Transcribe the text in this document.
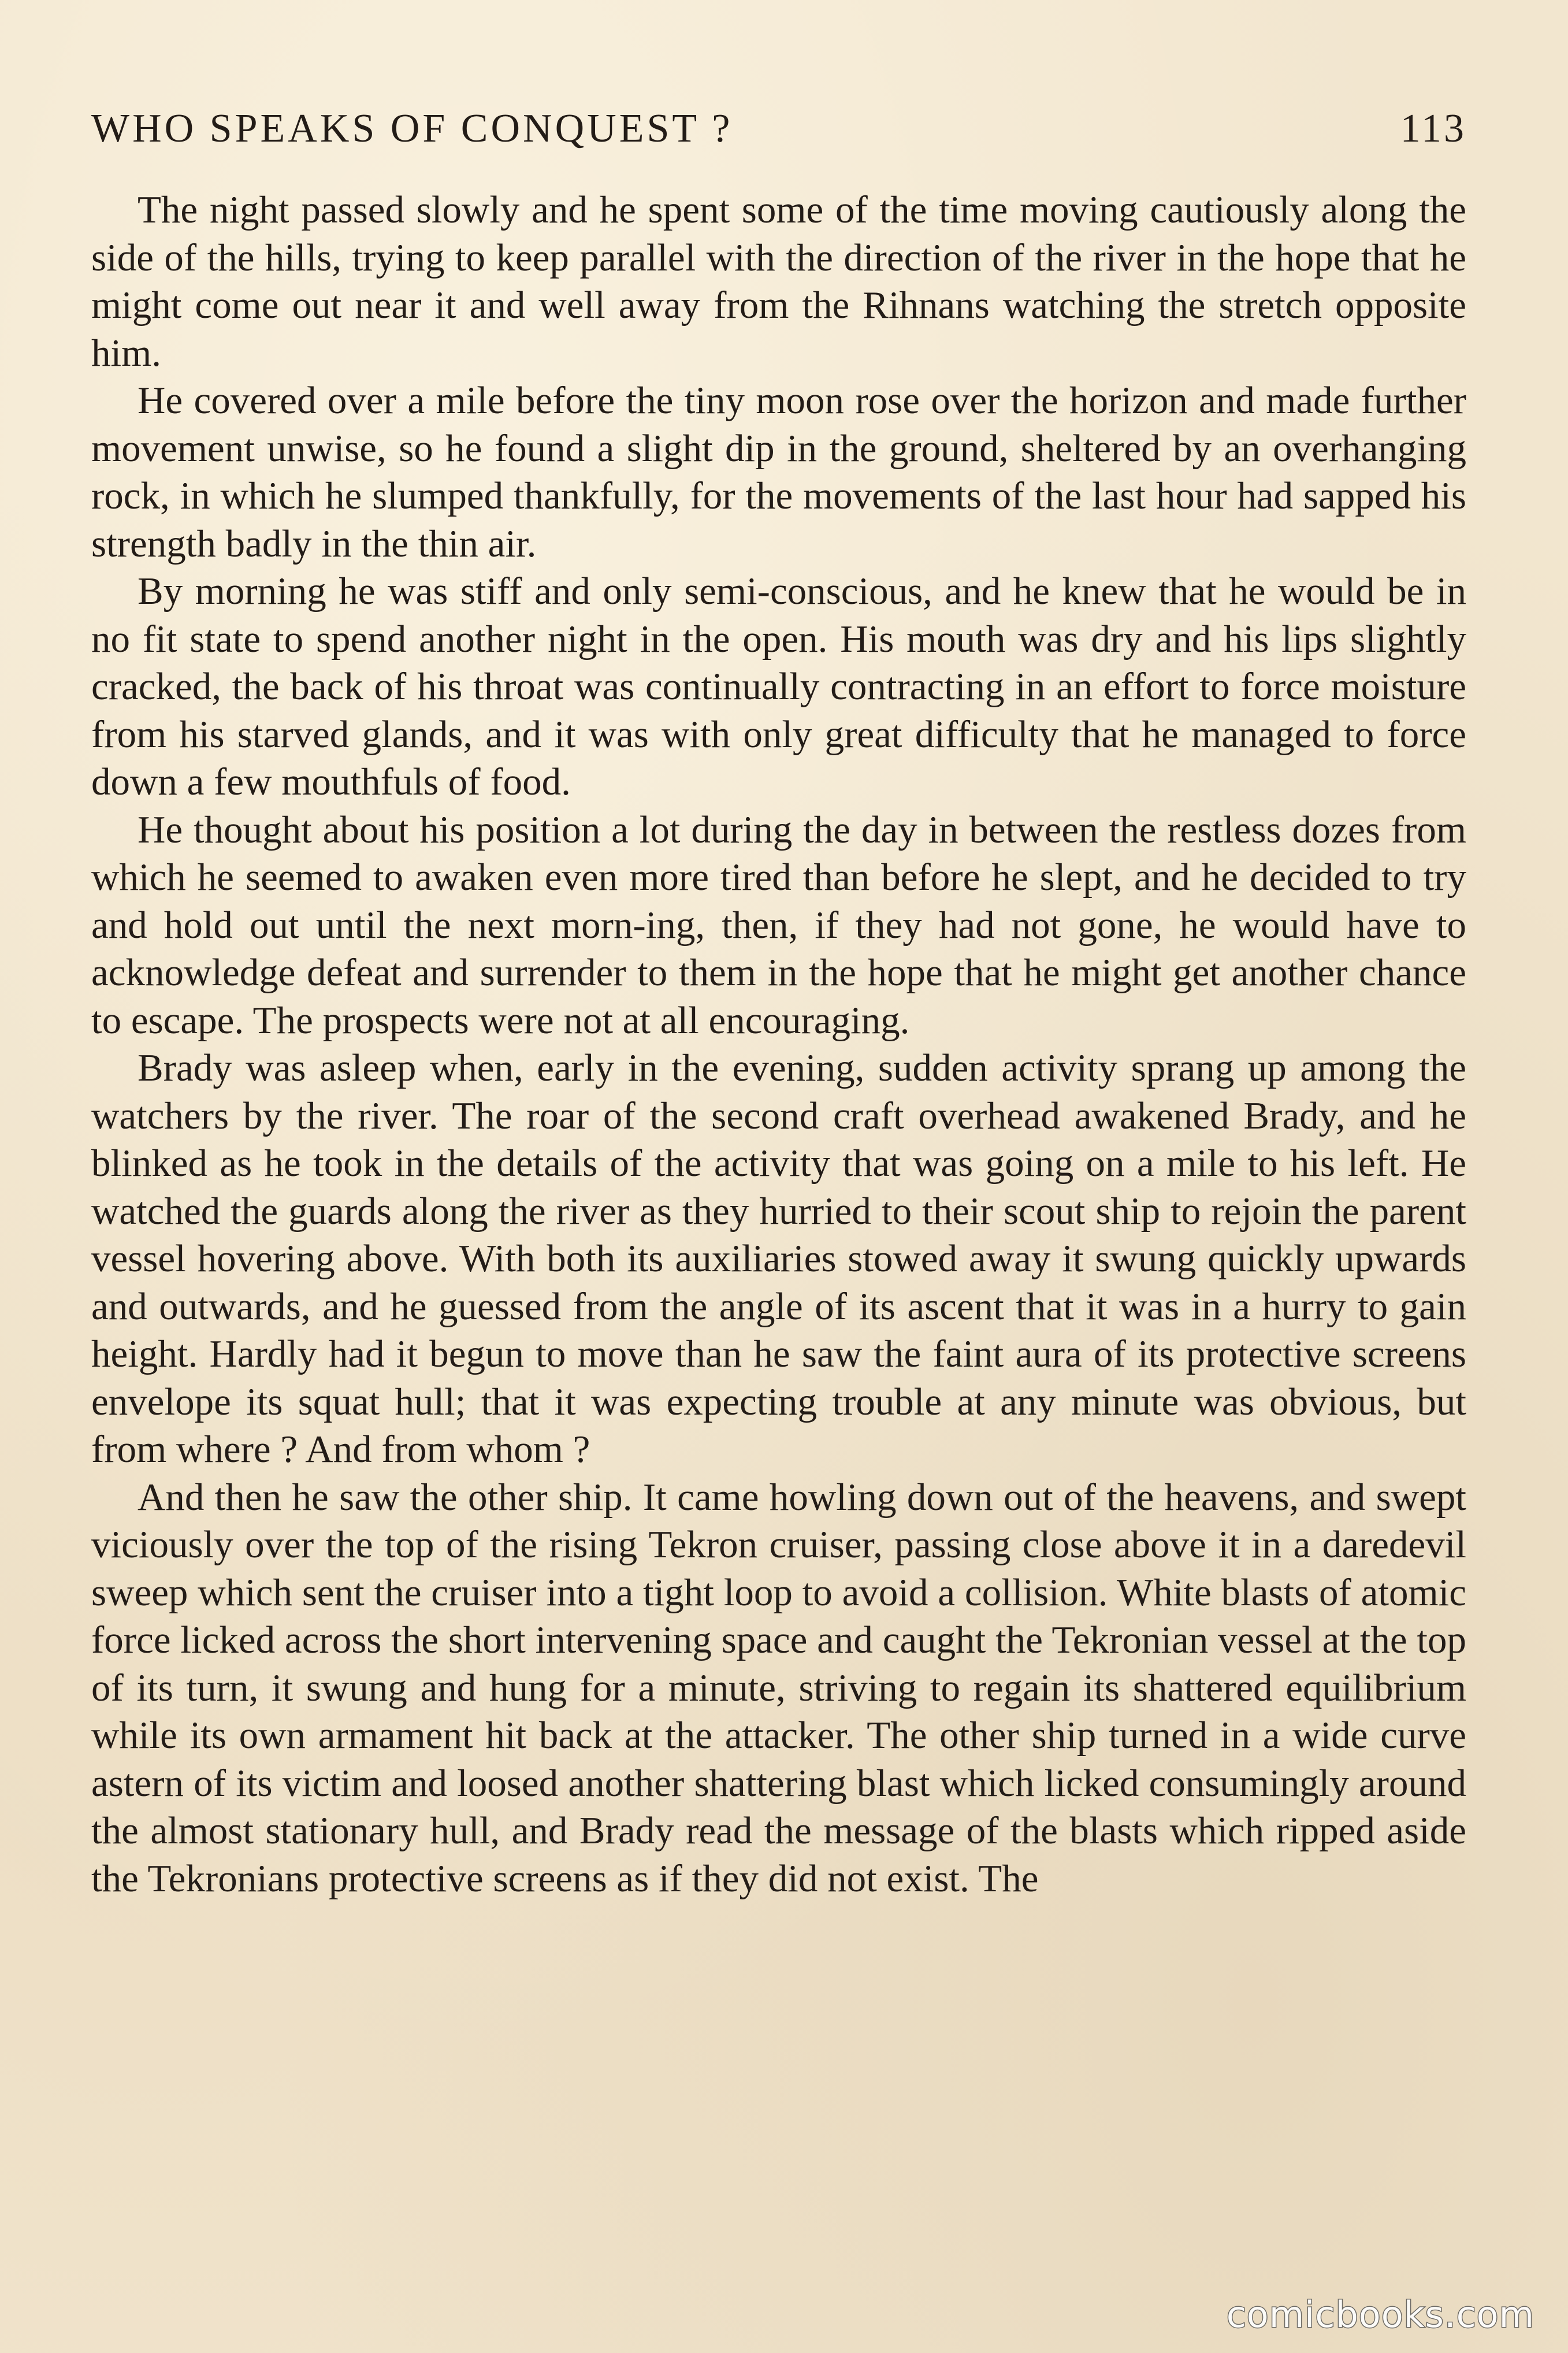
WHO SPEAKS OF CONQUEST ?	113

The night passed slowly and he spent some of the time moving cautiously along the side of the hills, trying to keep parallel with the direction of the river in the hope that he might come out near it and well away from the Rihnans watching the stretch opposite him.

He covered over a mile before the tiny moon rose over the horizon and made further movement unwise, so he found a slight dip in the ground, sheltered by an overhanging rock, in which he slumped thankfully, for the movements of the last hour had sapped his strength badly in the thin air.

By morning he was stiff and only semi-conscious, and he knew that he would be in no fit state to spend another night in the open. His mouth was dry and his lips slightly cracked, the back of his throat was continually contracting in an effort to force moisture from his starved glands, and it was with only great difficulty that he managed to force down a few mouthfuls of food.

He thought about his position a lot during the day in between the restless dozes from which he seemed to awaken even more tired than before he slept, and he decided to try and hold out until the next morn-ing, then, if they had not gone, he would have to acknowledge defeat and surrender to them in the hope that he might get another chance to escape. The prospects were not at all encouraging.

Brady was asleep when, early in the evening, sudden activity sprang up among the watchers by the river. The roar of the second craft overhead awakened Brady, and he blinked as he took in the details of the activity that was going on a mile to his left. He watched the guards along the river as they hurried to their scout ship to rejoin the parent vessel hovering above. With both its auxiliaries stowed away it swung quickly upwards and outwards, and he guessed from the angle of its ascent that it was in a hurry to gain height. Hardly had it begun to move than he saw the faint aura of its protective screens envelope its squat hull; that it was expecting trouble at any minute was obvious, but from where ? And from whom ?

And then he saw the other ship. It came howling down out of the heavens, and swept viciously over the top of the rising Tekron cruiser, passing close above it in a daredevil sweep which sent the cruiser into a tight loop to avoid a collision. White blasts of atomic force licked across the short intervening space and caught the Tekronian vessel at the top of its turn, it swung and hung for a minute, striving to regain its shattered equilibrium while its own armament hit back at the attacker. The other ship turned in a wide curve astern of its victim and loosed another shattering blast which licked consumingly around the almost stationary hull, and Brady read the message of the blasts which ripped aside the Tekronians protective screens as if they did not exist. The

comicbooks.com
